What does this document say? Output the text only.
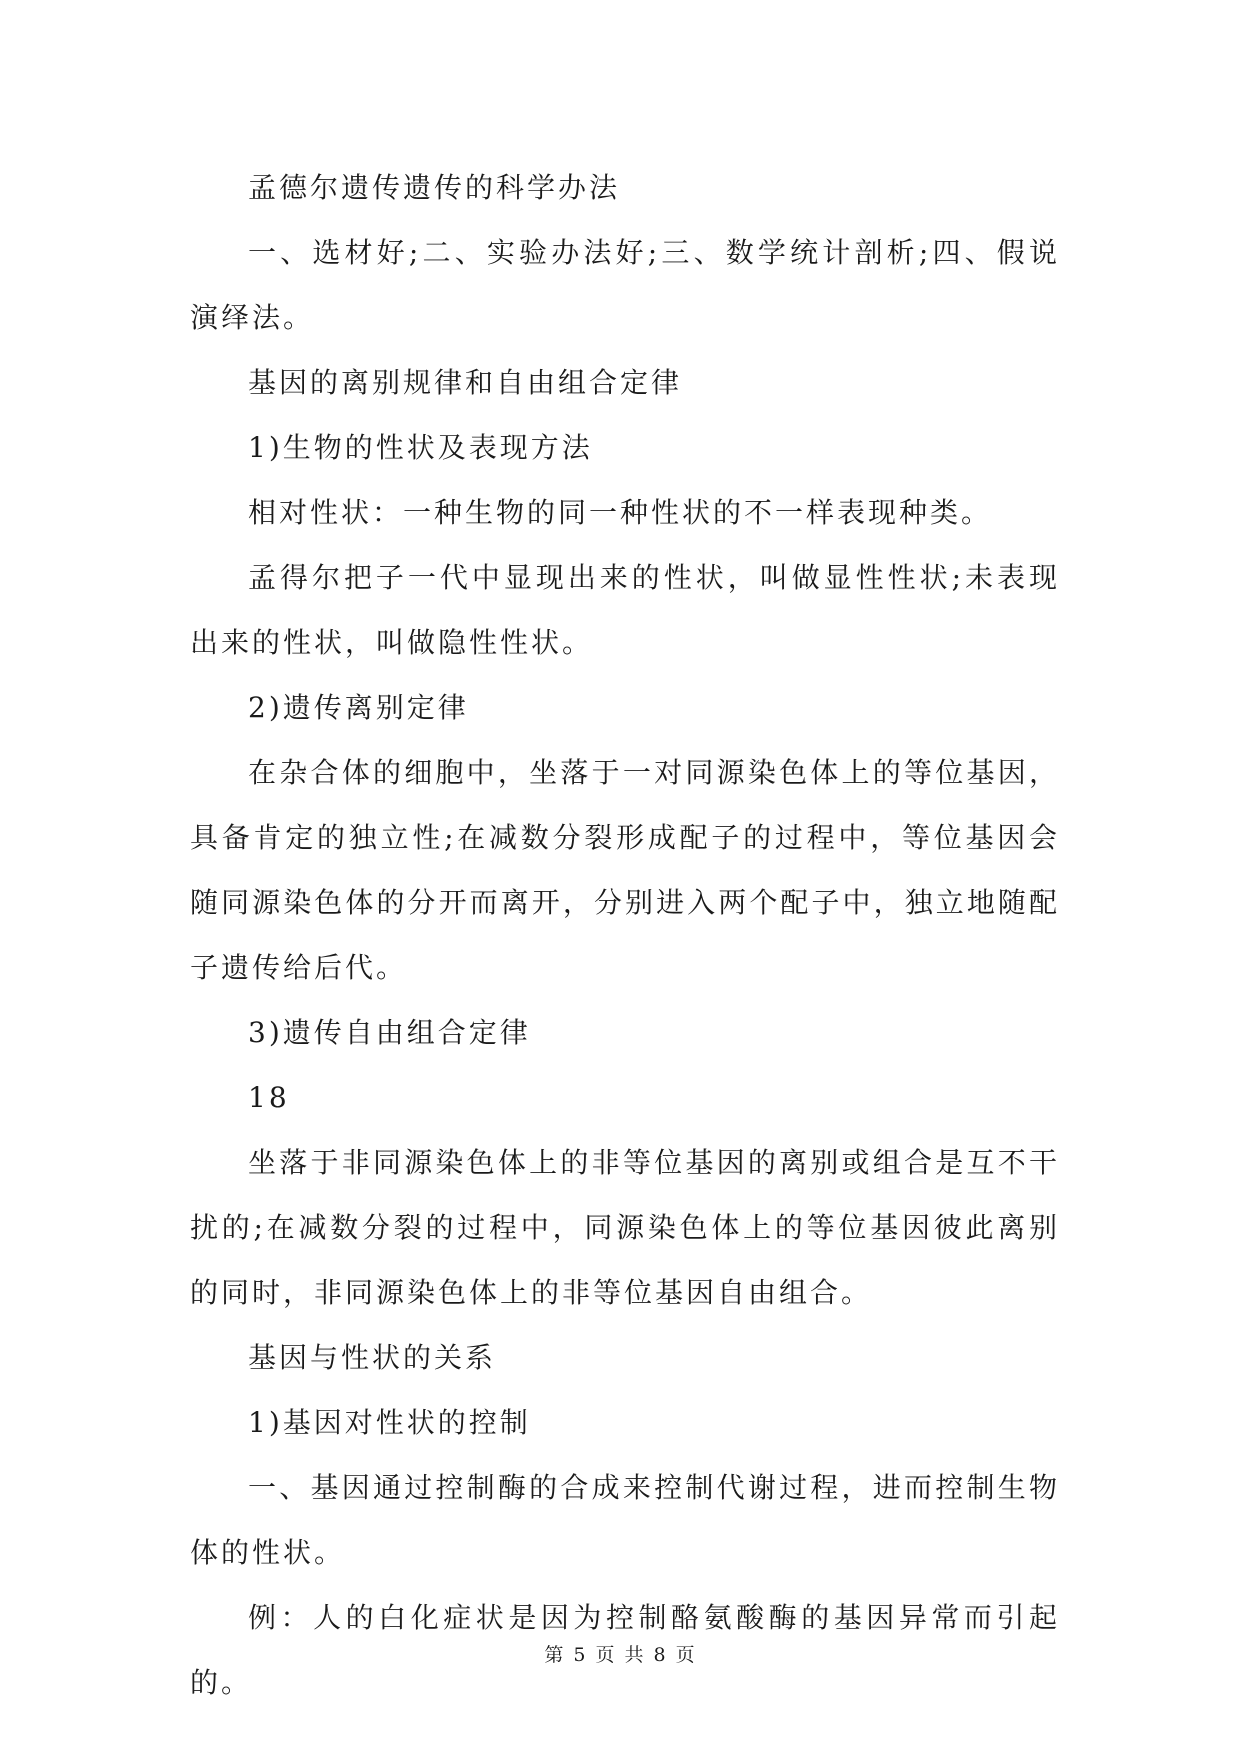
孟德尔遗传遗传的科学办法

一、选材好;二、实验办法好;三、数学统计剖析;四、假说演绎法。

基因的离别规律和自由组合定律

1)生物的性状及表现方法

相对性状：一种生物的同一种性状的不一样表现种类。

孟得尔把子一代中显现出来的性状，叫做显性性状;未表现出来的性状，叫做隐性性状。

2)遗传离别定律

在杂合体的细胞中，坐落于一对同源染色体上的等位基因，具备肯定的独立性;在减数分裂形成配子的过程中，等位基因会随同源染色体的分开而离开，分别进入两个配子中，独立地随配子遗传给后代。

3)遗传自由组合定律

18

坐落于非同源染色体上的非等位基因的离别或组合是互不干扰的;在减数分裂的过程中，同源染色体上的等位基因彼此离别的同时，非同源染色体上的非等位基因自由组合。

基因与性状的关系

1)基因对性状的控制

一、基因通过控制酶的合成来控制代谢过程，进而控制生物体的性状。

例：人的白化症状是因为控制酪氨酸酶的基因异常而引起的。

第 5 页 共 8 页
